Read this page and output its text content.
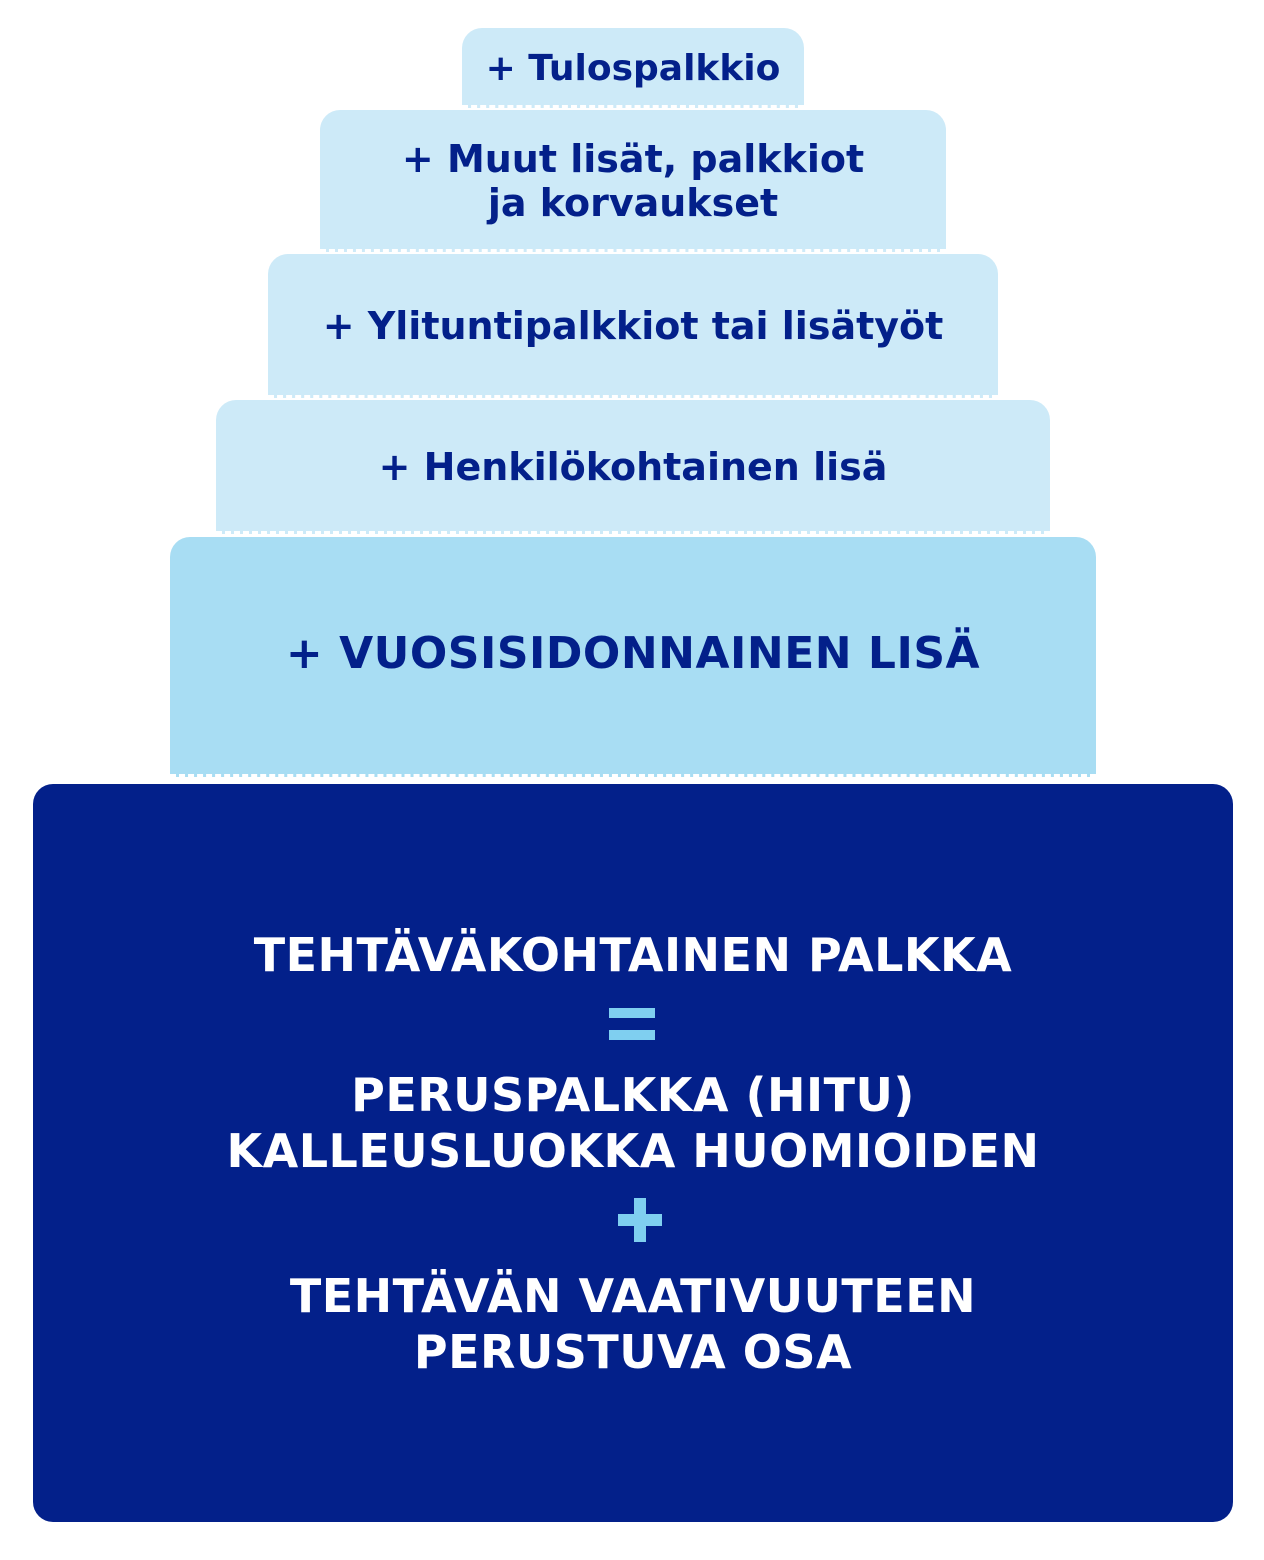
+ Tulospalkkio
+ Muut lisät, palkkiot
ja korvaukset
+ Ylituntipalkkiot tai lisätyöt
+ Henkilökohtainen lisä
+ VUOSISIDONNAINEN LISÄ
TEHTÄVÄKOHTAINEN PALKKA
PERUSPALKKA (HITU)
KALLEUSLUOKKA HUOMIOIDEN
TEHTÄVÄN VAATIVUUTEEN
PERUSTUVA OSA
